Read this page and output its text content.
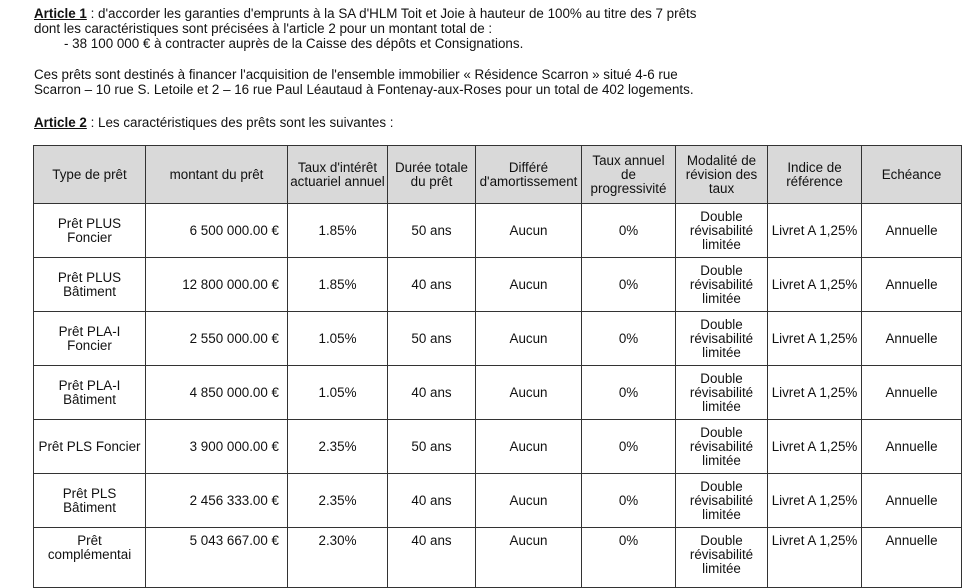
Article 1 : d'accorder les garanties d'emprunts à la SA d'HLM Toit et Joie à hauteur de 100% au titre des 7 prêts
dont les caractéristiques sont précisées à l'article 2 pour un montant total de :

- 38 100 000 € à contracter auprès de la Caisse des dépôts et Consignations.

Ces prêts sont destinés à financer l'acquisition de l'ensemble immobilier « Résidence Scarron » situé 4-6 rue
Scarron – 10 rue S. Letoile et 2 – 16 rue Paul Léautaud à Fontenay-aux-Roses pour un total de 402 logements.

Article 2 : Les caractéristiques des prêts sont les suivantes :

Type de prêt	montant du prêt	Taux d'intérêt actuariel annuel	Durée totale du prêt	Différé d'amortissement	Taux annuel de progressivité	Modalité de révision des taux	Indice de référence	Echéance
Prêt PLUS Foncier	6 500 000.00 €	1.85%	50 ans	Aucun	0%	Double révisabilité limitée	Livret A 1,25%	Annuelle
Prêt PLUS Bâtiment	12 800 000.00 €	1.85%	40 ans	Aucun	0%	Double révisabilité limitée	Livret A 1,25%	Annuelle
Prêt PLA-I Foncier	2 550 000.00 €	1.05%	50 ans	Aucun	0%	Double révisabilité limitée	Livret A 1,25%	Annuelle
Prêt PLA-I Bâtiment	4 850 000.00 €	1.05%	40 ans	Aucun	0%	Double révisabilité limitée	Livret A 1,25%	Annuelle
Prêt PLS Foncier	3 900 000.00 €	2.35%	50 ans	Aucun	0%	Double révisabilité limitée	Livret A 1,25%	Annuelle
Prêt PLS Bâtiment	2 456 333.00 €	2.35%	40 ans	Aucun	0%	Double révisabilité limitée	Livret A 1,25%	Annuelle
Prêt complémentai	5 043 667.00 €	2.30%	40 ans	Aucun	0%	Double révisabilité limitée	Livret A 1,25%	Annuelle
